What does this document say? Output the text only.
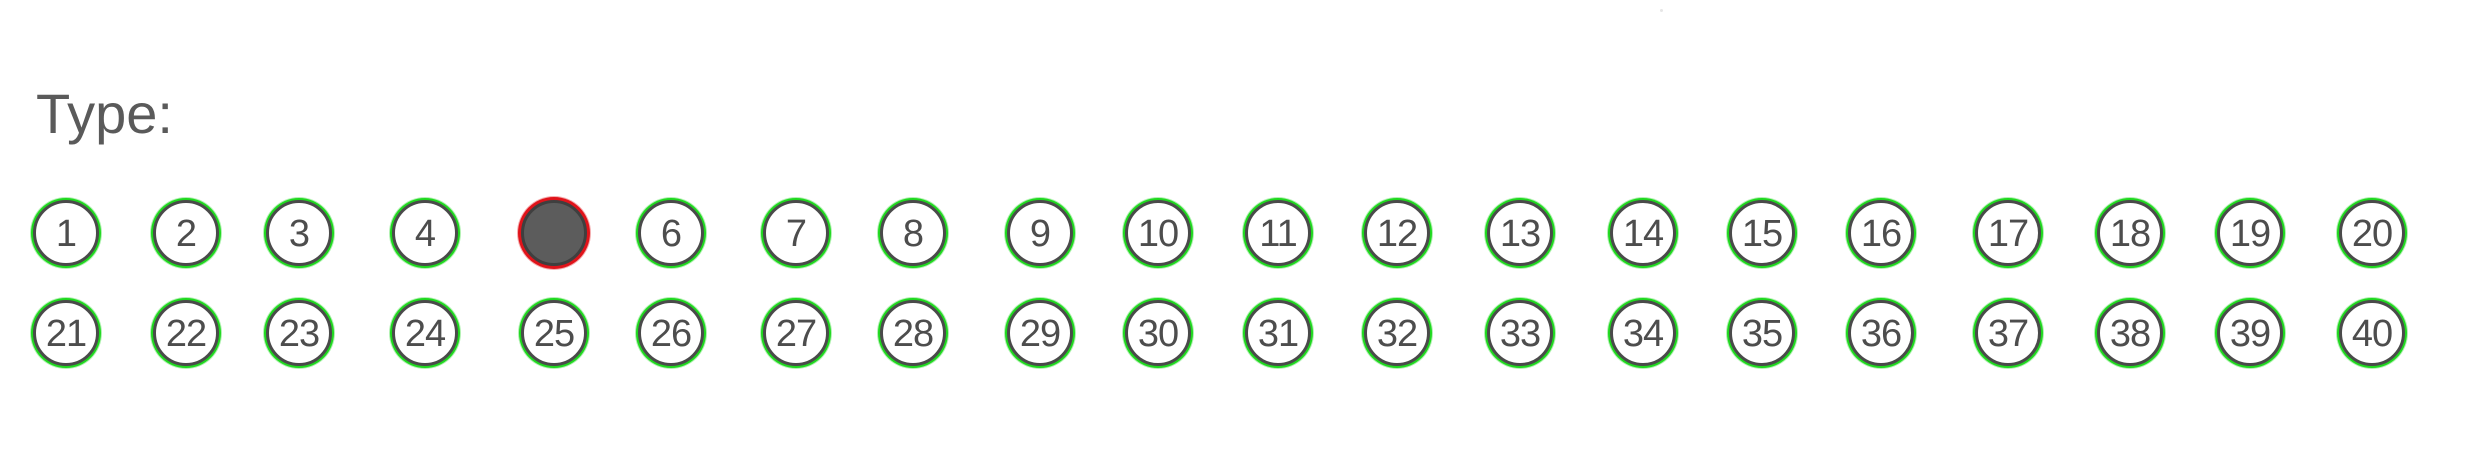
Type:
1	2 3	4	6	7	8	9 10 11 12 13 14 15 16 17 18 19 20
21 22 23 24 25 26 27 28 29 30 31 32 33 34 35 36 37 38 39 40
